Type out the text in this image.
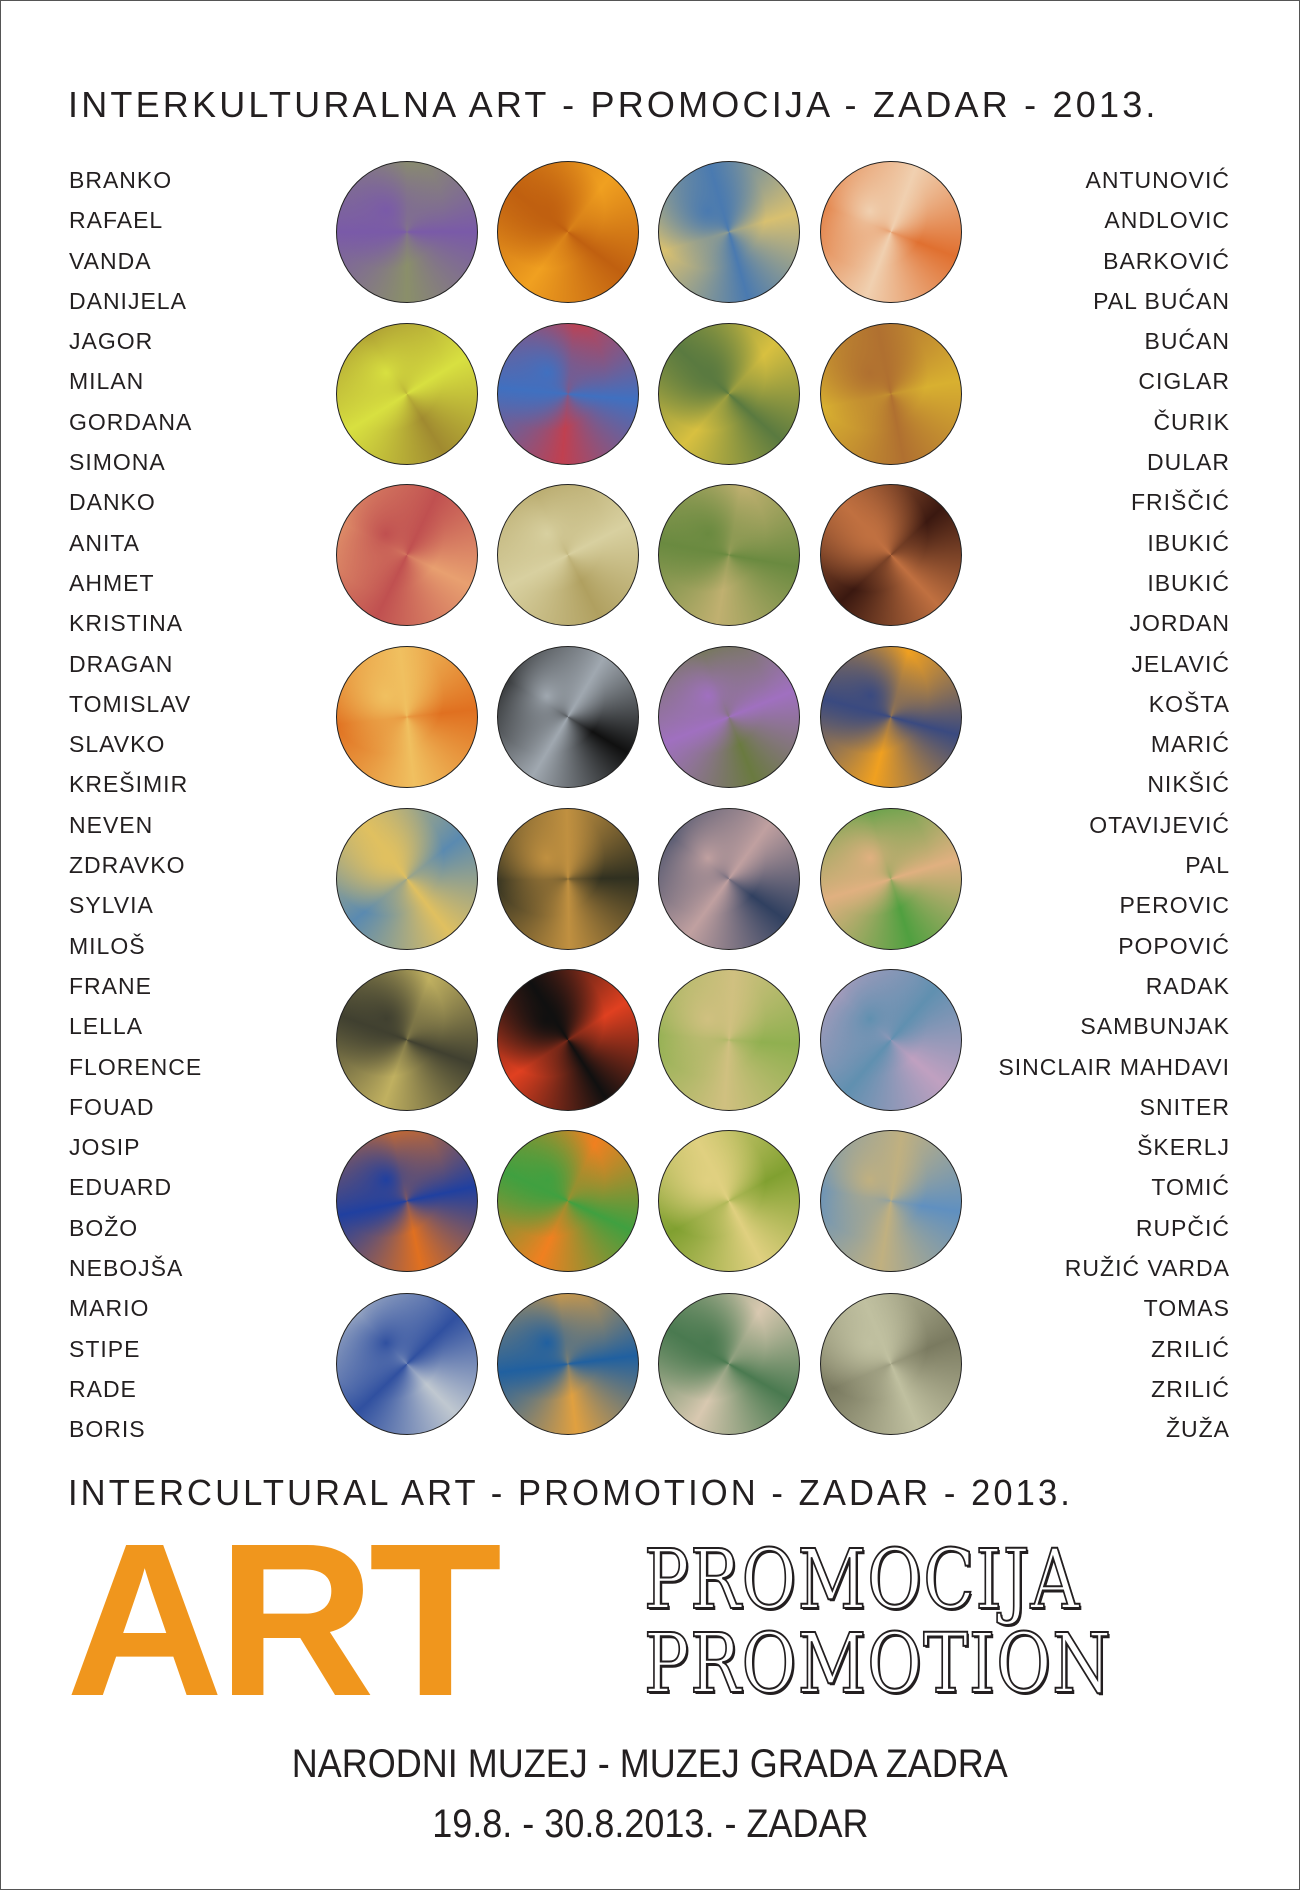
INTERKULTURALNA ART - PROMOCIJA - ZADAR - 2013.
BRANKO
RAFAEL
VANDA
DANIJELA
JAGOR
MILAN
GORDANA
SIMONA
DANKO
ANITA
AHMET
KRISTINA
DRAGAN
TOMISLAV
SLAVKO
KREŠIMIR
NEVEN
ZDRAVKO
SYLVIA
MILOŠ
FRANE
LELLA
FLORENCE
FOUAD
JOSIP
EDUARD
BOŽO
NEBOJŠA
MARIO
STIPE
RADE
BORIS
ANTUNOVIĆ
ANDLOVIC
BARKOVIĆ
PAL BUĆAN
BUĆAN
CIGLAR
ČURIK
DULAR
FRIŠČIĆ
IBUKIĆ
IBUKIĆ
JORDAN
JELAVIĆ
KOŠTA
MARIĆ
NIKŠIĆ
OTAVIJEVIĆ
PAL
PEROVIC
POPOVIĆ
RADAK
SAMBUNJAK
SINCLAIR MAHDAVI
SNITER
ŠKERLJ
TOMIĆ
RUPČIĆ
RUŽIĆ VARDA
TOMAS
ZRILIĆ
ZRILIĆ
ŽUŽA
INTERCULTURAL ART - PROMOTION - ZADAR - 2013.
ART PROMOCIJA
PROMOTION
NARODNI MUZEJ - MUZEJ GRADA ZADRA
19.8. - 30.8.2013. - ZADAR
